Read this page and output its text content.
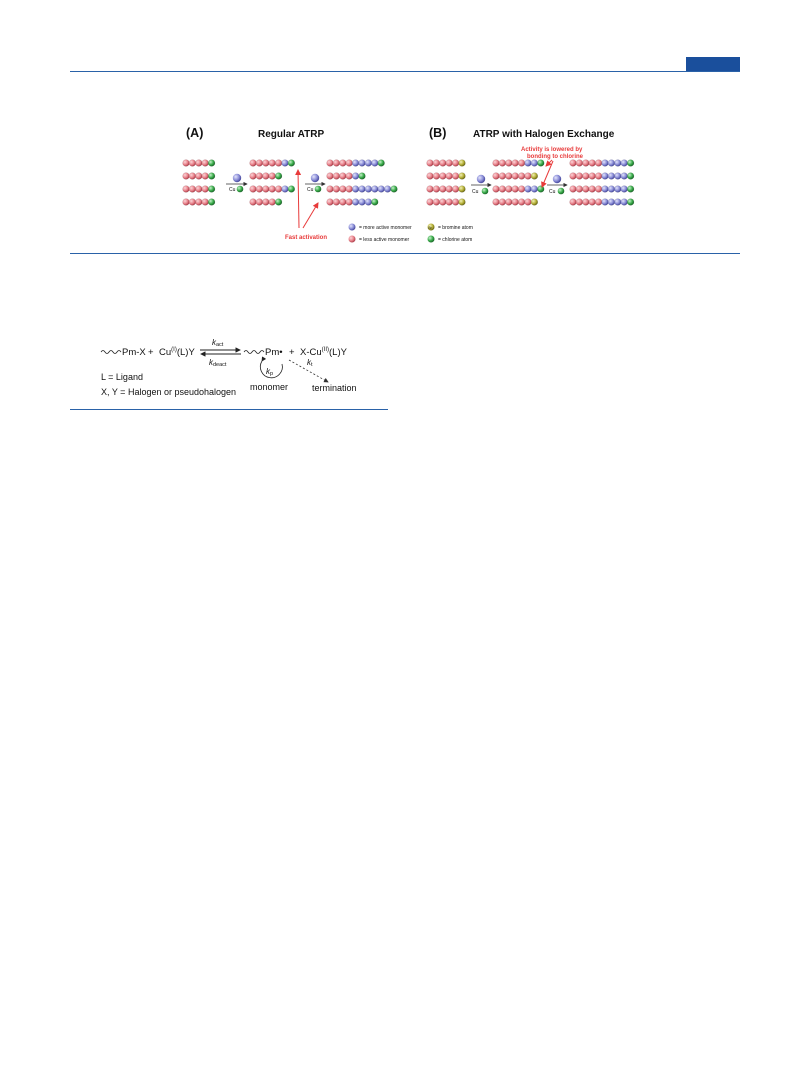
(A)	Regular ATRP	(B)	ATRP with Halogen Exchange
Cu	Cu
Fast activation
Cu	Cu
Activity is lowered by
bonding to chlorine
= more active monomer
= less active monomer
Br = bromine atom
= chlorine atom
$Pm-X + Cu^{(I)}(L)Y$
kact
kdeact
Pm• + $X-Cu^{(II)}(L)Y$
kp
monomer
kt
termination
L = Ligand
X, Y = Halogen or pseudohalogen
